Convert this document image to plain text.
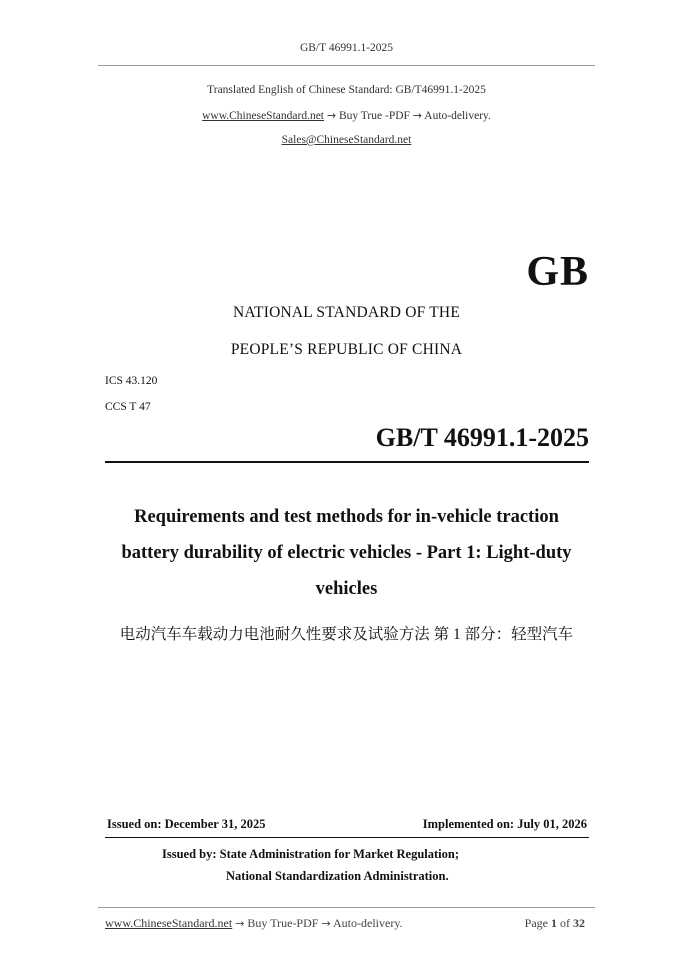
GB/T 46991.1-2025
Translated English of Chinese Standard: GB/T46991.1-2025
www.ChineseStandard.net → Buy True -PDF → Auto-delivery.
Sales@ChineseStandard.net
GB
NATIONAL STANDARD OF THE
PEOPLE’S REPUBLIC OF CHINA
ICS 43.120
CCS T 47
GB/T 46991.1-2025
Requirements and test methods for in-vehicle traction
battery durability of electric vehicles - Part 1: Light-duty
vehicles
电动汽车车载动力电池耐久性要求及试验方法 第 1 部分：轻型汽车
Issued on: December 31, 2025	Implemented on: July 01, 2026
Issued by: State Administration for Market Regulation;
National Standardization Administration.
www.ChineseStandard.net → Buy True-PDF → Auto-delivery.	Page 1 of 32
